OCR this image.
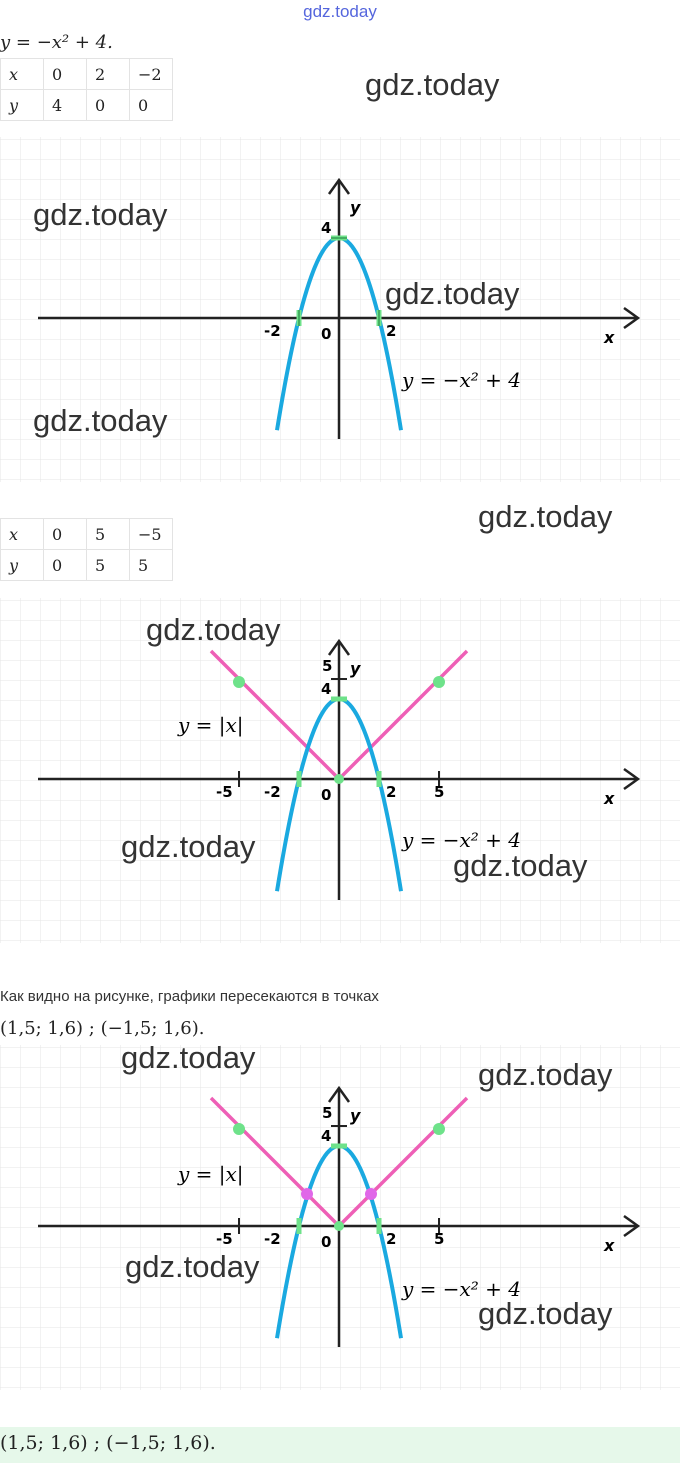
gdz.today
y = −x² + 4.
x	0	2	−2
y	4	0	0
gdz.today
y
x
4
0
-2	2
y = −x² + 4
gdz.today
gdz.today
gdz.today
x	0	5	−5
y	0	5	5
gdz.today
y
x
5
4
0
-2	2
-5	5
y = |x|
y = −x² + 4
gdz.today
gdz.today
gdz.today
Как видно на рисунке, графики пересекаются в точках
(1,5; 1,6) ; (−1,5; 1,6).
y
x
5
4
0
-2	2
-5	5
y = |x|
y = −x² + 4
gdz.today	gdz.today
gdz.today
gdz.today
(1,5; 1,6) ; (−1,5; 1,6).
